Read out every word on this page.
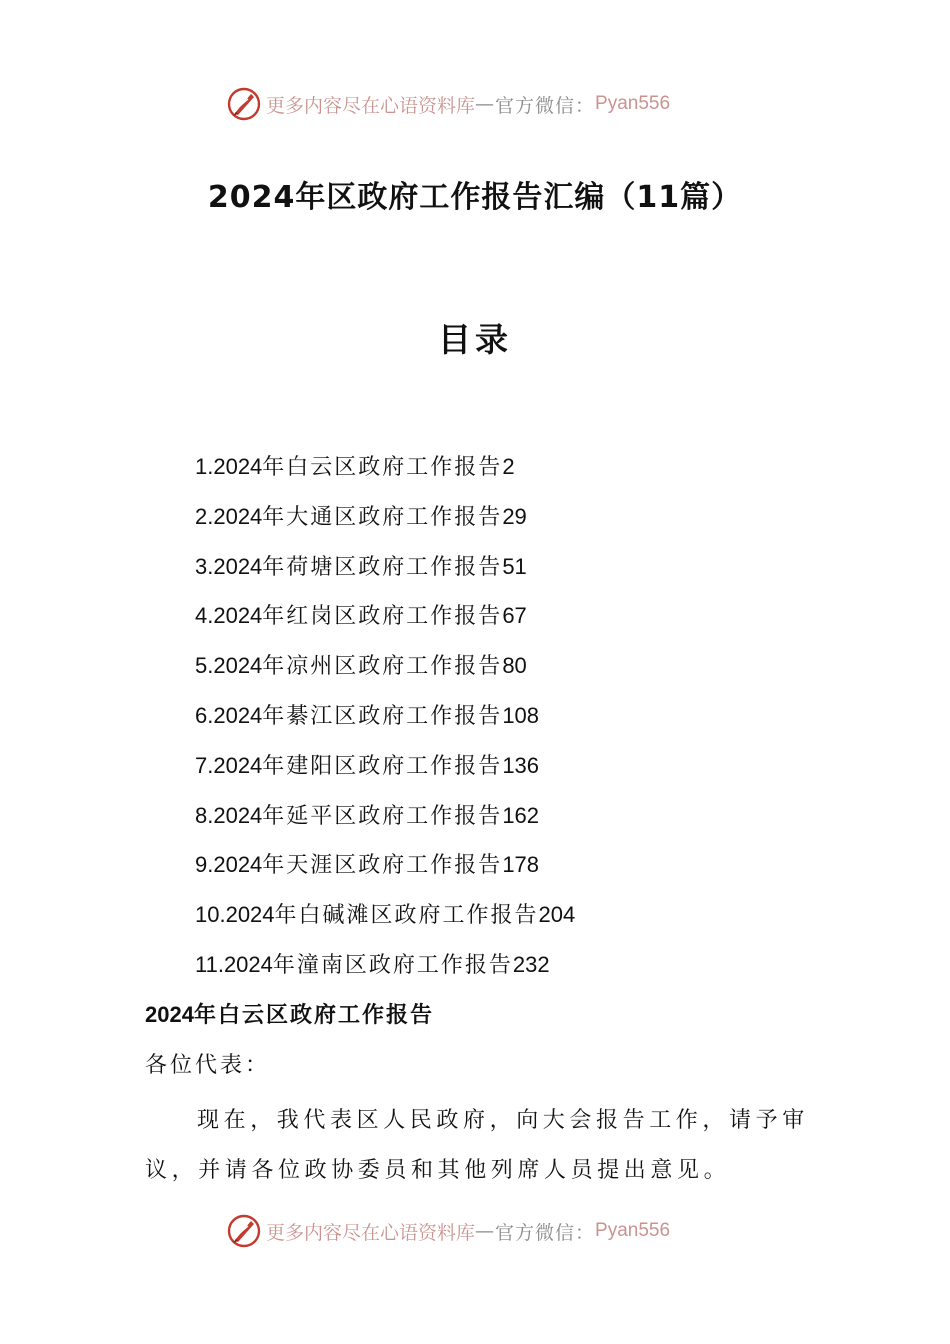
更多内容尽在心语资料库 — 官方微信： Pyan556
2024年区政府工作报告汇编（11篇）
目录
1.2024年白云区政府工作报告2
2.2024年大通区政府工作报告29
3.2024年荷塘区政府工作报告51
4.2024年红岗区政府工作报告67
5.2024年凉州区政府工作报告80
6.2024年綦江区政府工作报告108
7.2024年建阳区政府工作报告136
8.2024年延平区政府工作报告162
9.2024年天涯区政府工作报告178
10.2024年白碱滩区政府工作报告204
11.2024年潼南区政府工作报告232
2024年白云区政府工作报告

各位代表：

现在，我代表区人民政府，向大会报告工作，请予审议，并请各位政协委员和其他列席人员提出意见。

更多内容尽在心语资料库 — 官方微信： Pyan556
